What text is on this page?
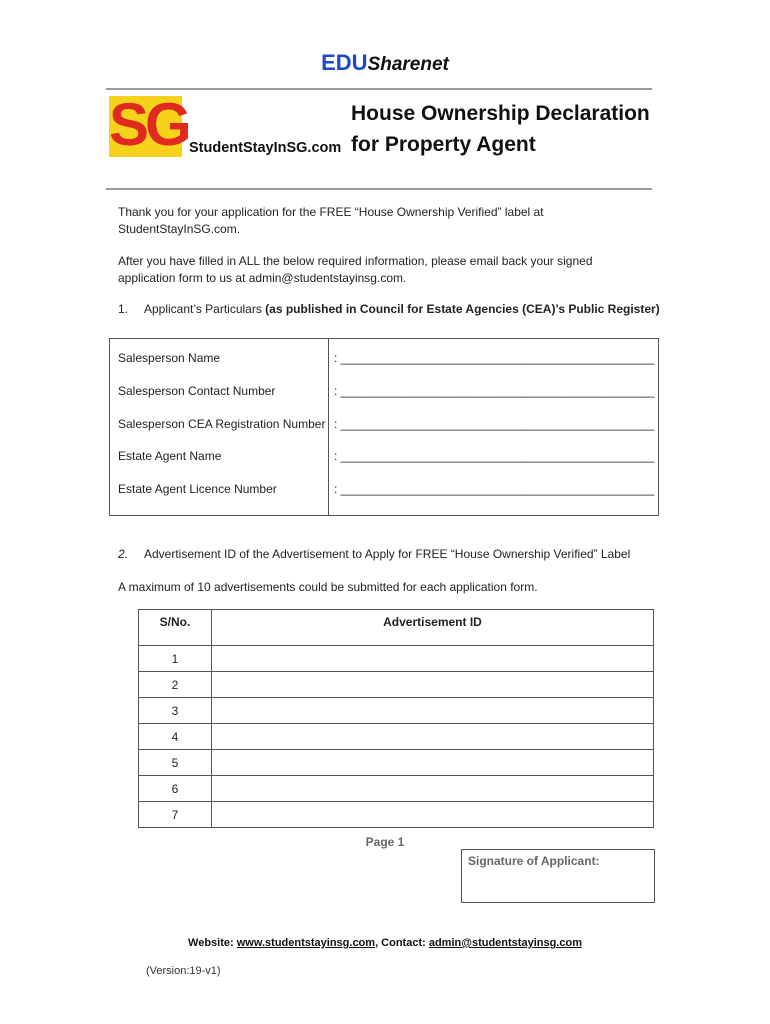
EDUSharenet
SG StudentStayInSG.com
House Ownership Declaration
for Property Agent
Thank you for your application for the FREE “House Ownership Verified” label at
StudentStayInSG.com.
After you have filled in ALL the below required information, please email back your signed
application form to us at admin@studentstayinsg.com.
1. Applicant’s Particulars (as published in Council for Estate Agencies (CEA)’s Public Register)
Salesperson Name	: _______________________________________________
Salesperson Contact Number	: _______________________________________________
Salesperson CEA Registration Number : _______________________________________________
Estate Agent Name	: _______________________________________________
Estate Agent Licence Number	: _______________________________________________
2. Advertisement ID of the Advertisement to Apply for FREE “House Ownership Verified” Label
A maximum of 10 advertisements could be submitted for each application form.
S/No.	Advertisement ID
1	
2	
3	
4	
5	
6	
7	
Page 1
Signature of Applicant:
Website: www.studentstayinsg.com, Contact: admin@studentstayinsg.com
(Version:19-v1)
